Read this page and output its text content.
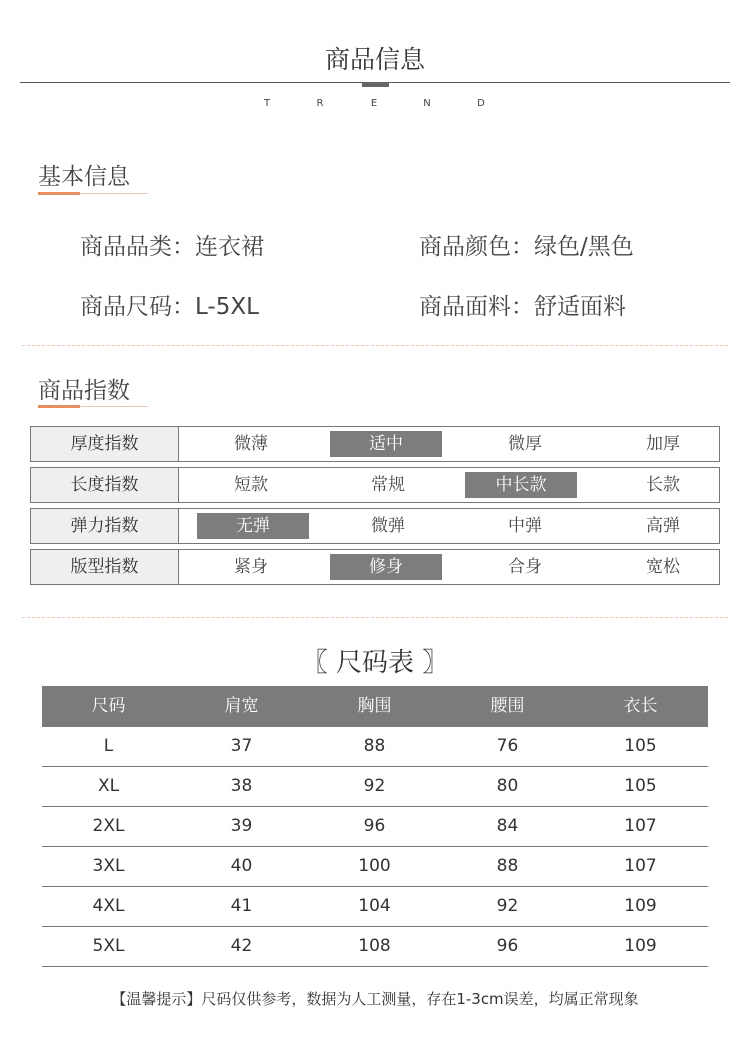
商品信息
T	R	E	N	D
基本信息
商品品类：连衣裙	商品颜色：绿色/黑色
商品尺码：L-5XL	商品面料：舒适面料
商品指数
厚度指数	微薄	适中	微厚	加厚
长度指数	短款	常规	中长款	长款
弹力指数	无弹	微弹	中弹	高弹
版型指数	紧身	修身	合身	宽松
〖 尺码表 〗
尺码	肩宽	胸围	腰围	衣长
L	37	88	76	105
XL	38	92	80	105
2XL	39	96	84	107
3XL	40	100	88	107
4XL	41	104	92	109
5XL	42	108	96	109
【温馨提示】尺码仅供参考，数据为人工测量，存在1-3cm误差，均属正常现象
